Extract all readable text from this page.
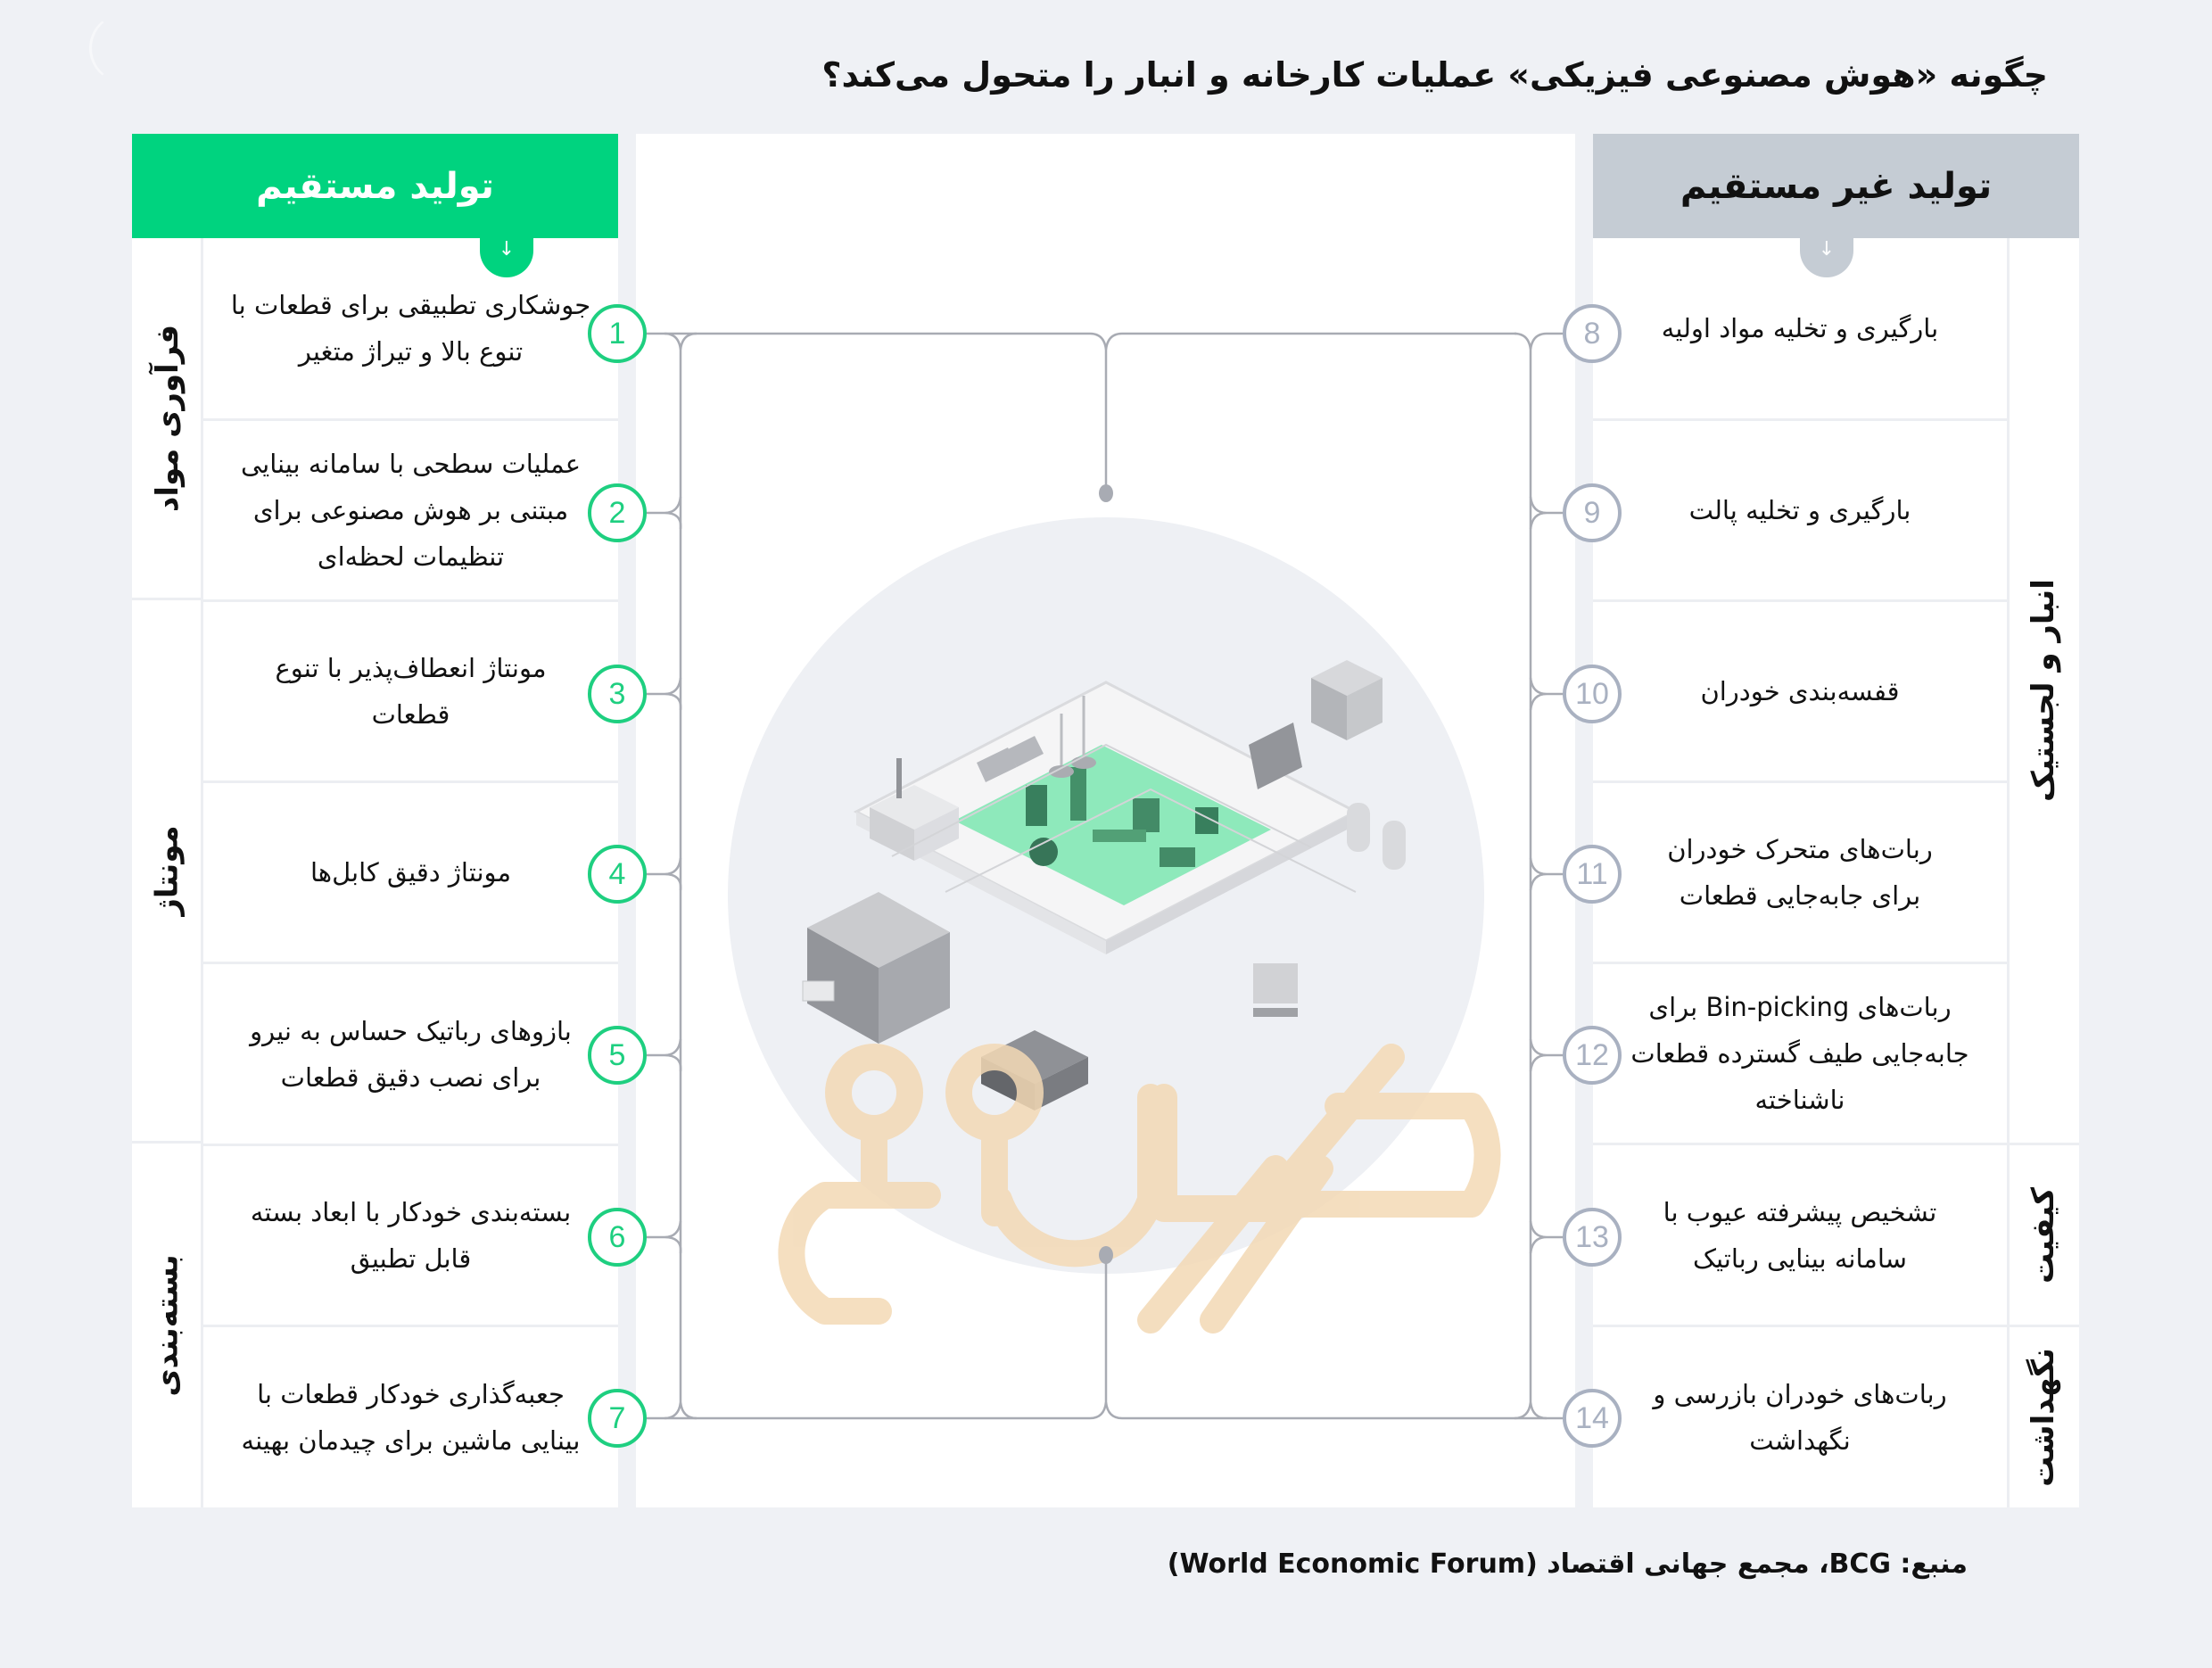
چگونه «هوش مصنوعی فیزیکی» عملیات کارخانه و انبار را متحول می‌کند؟
تولید مستقیم
↓
فرآوری مواد
مونتاژ
بسته‌بندی
جوشکاری تطبیقی برای قطعات با تنوع بالا و تیراژ متغیر
عملیات سطحی با سامانه بینایی مبتنی بر هوش مصنوعی برای تنظیمات لحظه‌ای
مونتاژ انعطاف‌پذیر با تنوع قطعات
مونتاژ دقیق کابل‌ها
بازوهای رباتیک حساس به نیرو برای نصب دقیق قطعات
بسته‌بندی خودکار با ابعاد بسته قابل تطبیق
جعبه‌گذاری خودکار قطعات با بینایی ماشین برای چیدمان بهینه
تولید غیر مستقیم
↓
انبار و لجستیک
کیفیت
نگهداشت
بارگیری و تخلیه مواد اولیه
بارگیری و تخلیه پالت
قفسه‌بندی خودران
ربات‌های متحرک خودران برای جابه‌جایی قطعات
ربات‌های Bin-picking برای جابه‌جایی طیف گسترده قطعات ناشناخته
تشخیص پیشرفته عیوب با سامانه بینایی رباتیک
ربات‌های خودران بازرسی و نگهداشت
1
2
3
4
5
6
7
8
9
10
11
12
13
14
منبع: BCG، مجمع جهانی اقتصاد (World Economic Forum)
